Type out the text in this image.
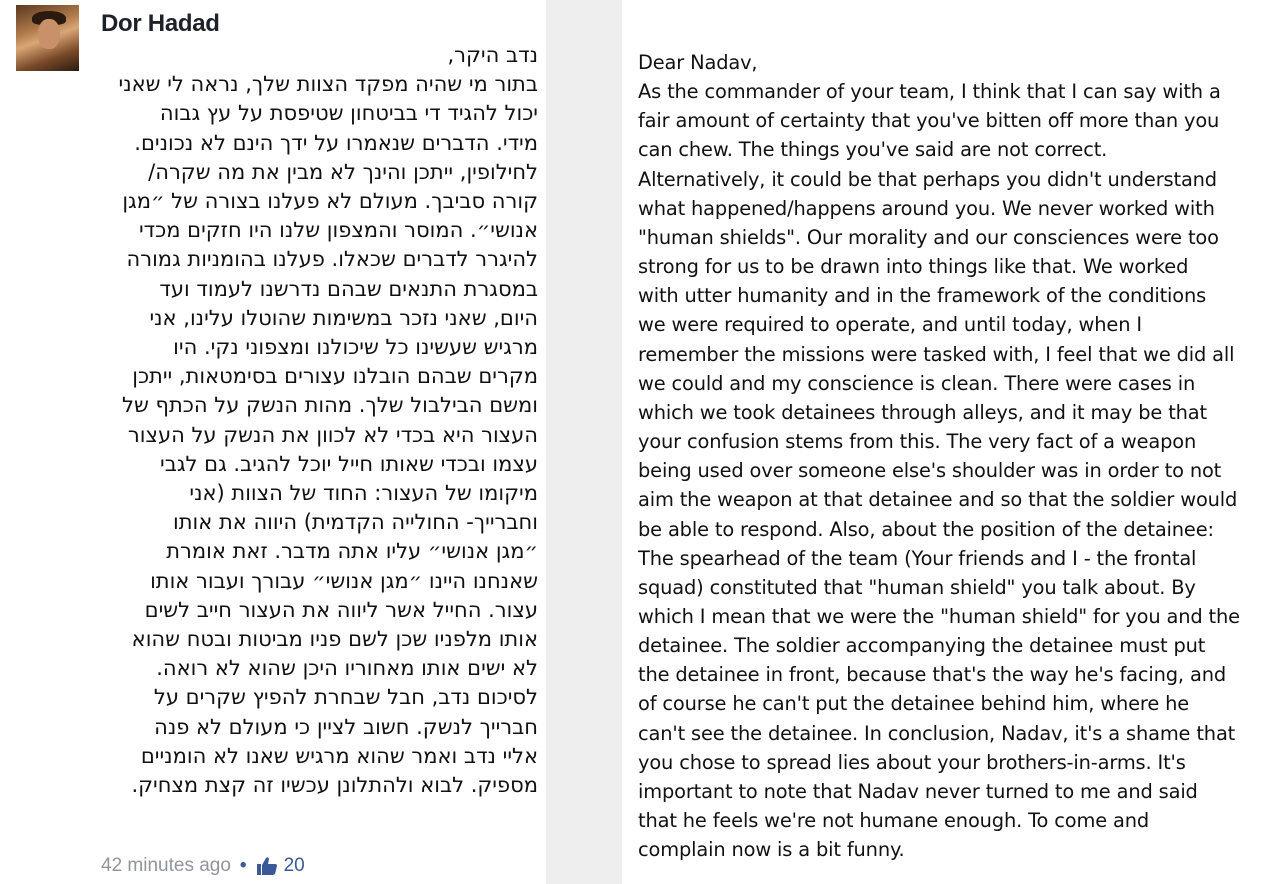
Dor Hadad
נדב היקר,
בתור מי שהיה מפקד הצוות שלך, נראה לי שאני
יכול להגיד די בביטחון שטיפסת על עץ גבוה
מידי. הדברים שנאמרו על ידך הינם לא נכונים.
לחילופין, ייתכן והינך לא מבין את מה שקרה/
קורה סביבך. מעולם לא פעלנו בצורה של ״מגן
אנושי״. המוסר והמצפון שלנו היו חזקים מכדי
להיגרר לדברים שכאלו. פעלנו בהומניות גמורה
במסגרת התנאים שבהם נדרשנו לעמוד ועד
היום, שאני נזכר במשימות שהוטלו עלינו, אני
מרגיש שעשינו כל שיכולנו ומצפוני נקי. היו
מקרים שבהם הובלנו עצורים בסימטאות, ייתכן
ומשם הבילבול שלך. מהות הנשק על הכתף של
העצור היא בכדי לא לכוון את הנשק על העצור
עצמו ובכדי שאותו חייל יוכל להגיב. גם לגבי
מיקומו של העצור: החוד של הצוות (אני
וחברייך- החולייה הקדמית) היווה את אותו
״מגן אנושי״ עליו אתה מדבר. זאת אומרת
שאנחנו היינו ״מגן אנושי״ עבורך ועבור אותו
עצור. החייל אשר ליווה את העצור חייב לשים
אותו מלפניו שכן לשם פניו מביטות ובטח שהוא
לא ישים אותו מאחוריו היכן שהוא לא רואה.
לסיכום נדב, חבל שבחרת להפיץ שקרים על
חברייך לנשק. חשוב לציין כי מעולם לא פנה
אליי נדב ואמר שהוא מרגיש שאנו לא הומניים
מספיק. לבוא ולהתלונן עכשיו זה קצת מצחיק.
42 minutes ago • 20
Dear Nadav,
As the commander of your team, I think that I can say with a
fair amount of certainty that you've bitten off more than you
can chew. The things you've said are not correct.
Alternatively, it could be that perhaps you didn't understand
what happened/happens around you. We never worked with
"human shields". Our morality and our consciences were too
strong for us to be drawn into things like that. We worked
with utter humanity and in the framework of the conditions
we were required to operate, and until today, when I
remember the missions were tasked with, I feel that we did all
we could and my conscience is clean. There were cases in
which we took detainees through alleys, and it may be that
your confusion stems from this. The very fact of a weapon
being used over someone else's shoulder was in order to not
aim the weapon at that detainee and so that the soldier would
be able to respond. Also, about the position of the detainee:
The spearhead of the team (Your friends and I - the frontal
squad) constituted that "human shield" you talk about. By
which I mean that we were the "human shield" for you and the
detainee. The soldier accompanying the detainee must put
the detainee in front, because that's the way he's facing, and
of course he can't put the detainee behind him, where he
can't see the detainee. In conclusion, Nadav, it's a shame that
you chose to spread lies about your brothers-in-arms. It's
important to note that Nadav never turned to me and said
that he feels we're not humane enough. To come and
complain now is a bit funny.
